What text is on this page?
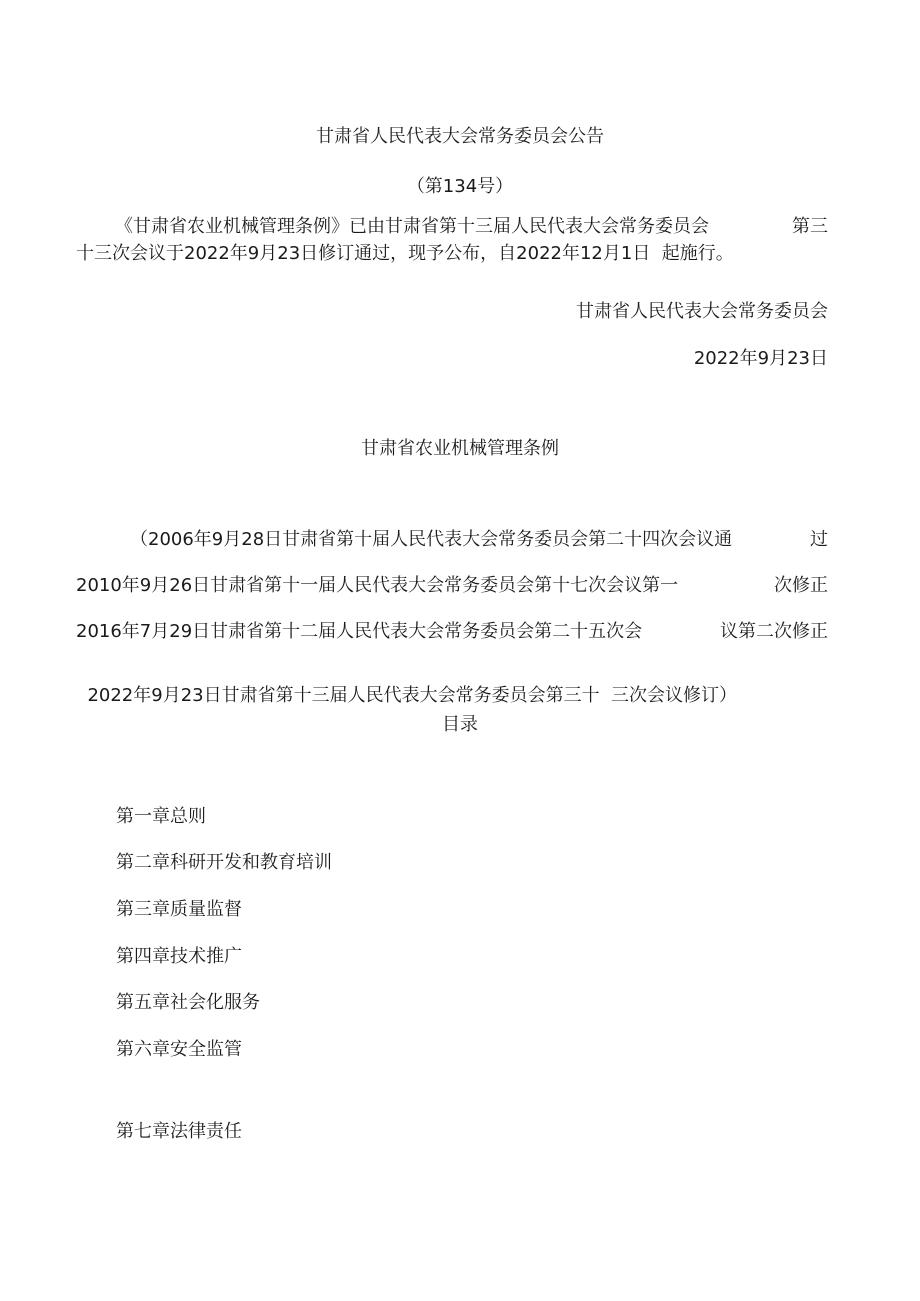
甘肃省人民代表大会常务委员会公告
（第134号）
《甘肃省农业机械管理条例》已由甘肃省第十三届人民代表大会常务委员会	第三
十三次会议于2022年9月23日修订通过，现予公布，自2022年12月1日  起施行。
甘肃省人民代表大会常务委员会
2022年9月23日
甘肃省农业机械管理条例
（2006年9月28日甘肃省第十届人民代表大会常务委员会第二十四次会议通	过
2010年9月26日甘肃省第十一届人民代表大会常务委员会第十七次会议第一	次修正
2016年7月29日甘肃省第十二届人民代表大会常务委员会第二十五次会	议第二次修正

2022年9月23日甘肃省第十三届人民代表大会常务委员会第三十  三次会议修订）

目录
第一章总则
第二章科研开发和教育培训
第三章质量监督
第四章技术推广
第五章社会化服务
第六章安全监管
第七章法律责任
